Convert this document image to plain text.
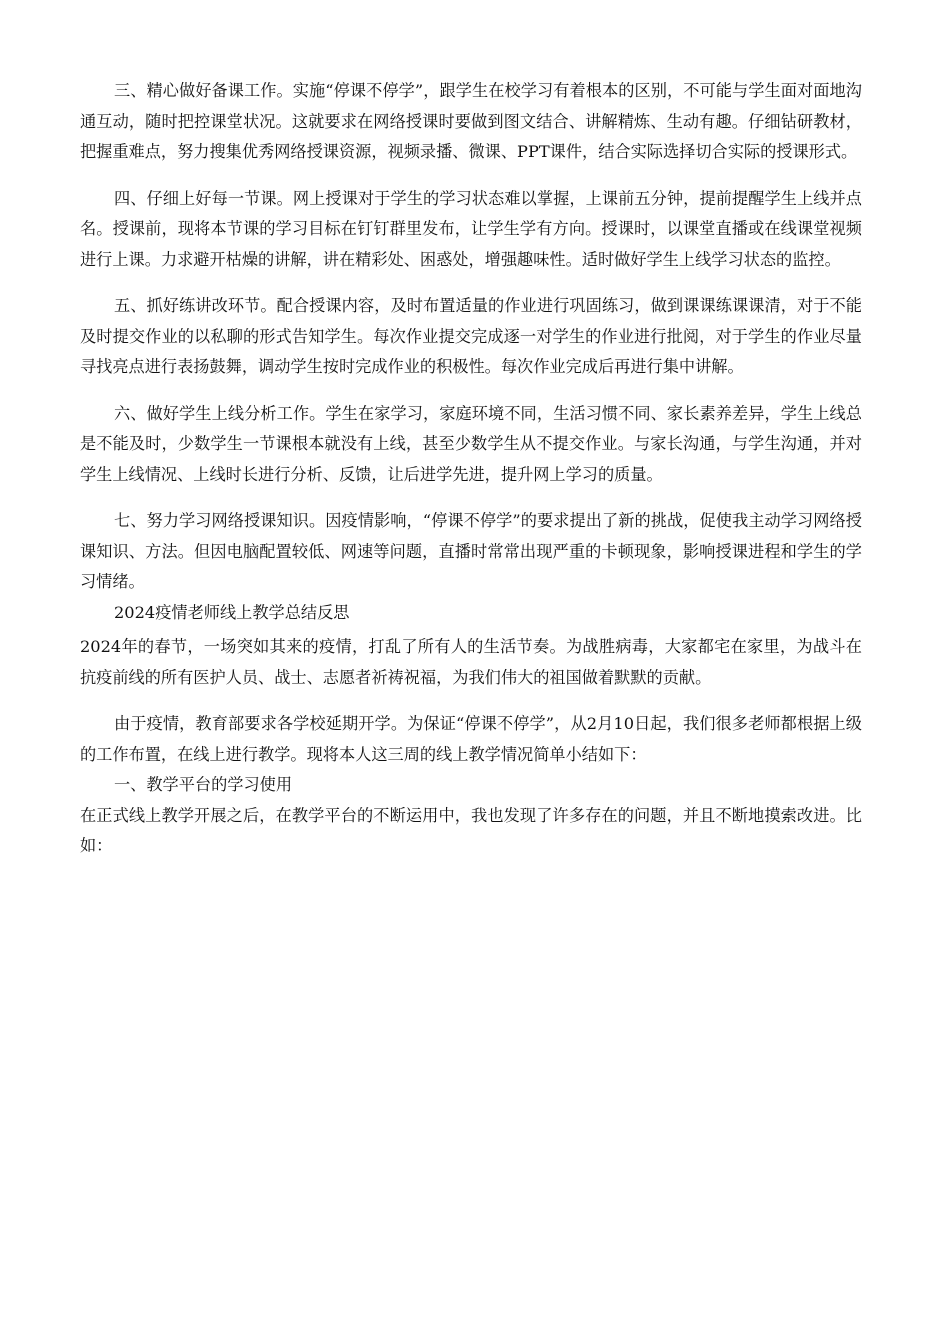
三、精心做好备课工作。实施“停课不停学”，跟学生在校学习有着根本的区别，不可能与学生面对面地沟通互动，随时把控课堂状况。这就要求在网络授课时要做到图文结合、讲解精炼、生动有趣。仔细钻研教材，把握重难点，努力搜集优秀网络授课资源，视频录播、微课、PPT课件，结合实际选择切合实际的授课形式。

四、仔细上好每一节课。网上授课对于学生的学习状态难以掌握，上课前五分钟，提前提醒学生上线并点名。授课前，现将本节课的学习目标在钉钉群里发布，让学生学有方向。授课时，以课堂直播或在线课堂视频进行上课。力求避开枯燥的讲解，讲在精彩处、困惑处，增强趣味性。适时做好学生上线学习状态的监控。

五、抓好练讲改环节。配合授课内容，及时布置适量的作业进行巩固练习，做到课课练课课清，对于不能及时提交作业的以私聊的形式告知学生。每次作业提交完成逐一对学生的作业进行批阅，对于学生的作业尽量寻找亮点进行表扬鼓舞，调动学生按时完成作业的积极性。每次作业完成后再进行集中讲解。

六、做好学生上线分析工作。学生在家学习，家庭环境不同，生活习惯不同、家长素养差异，学生上线总是不能及时，少数学生一节课根本就没有上线，甚至少数学生从不提交作业。与家长沟通，与学生沟通，并对学生上线情况、上线时长进行分析、反馈，让后进学先进，提升网上学习的质量。

七、努力学习网络授课知识。因疫情影响，“停课不停学”的要求提出了新的挑战，促使我主动学习网络授课知识、方法。但因电脑配置较低、网速等问题，直播时常常出现严重的卡顿现象，影响授课进程和学生的学习情绪。

2024疫情老师线上教学总结反思

2024年的春节，一场突如其来的疫情，打乱了所有人的生活节奏。为战胜病毒，大家都宅在家里，为战斗在抗疫前线的所有医护人员、战士、志愿者祈祷祝福，为我们伟大的祖国做着默默的贡献。

由于疫情，教育部要求各学校延期开学。为保证“停课不停学”，从2月10日起，我们很多老师都根据上级的工作布置，在线上进行教学。现将本人这三周的线上教学情况简单小结如下：

一、教学平台的学习使用

在正式线上教学开展之后，在教学平台的不断运用中，我也发现了许多存在的问题，并且不断地摸索改进。比如：
